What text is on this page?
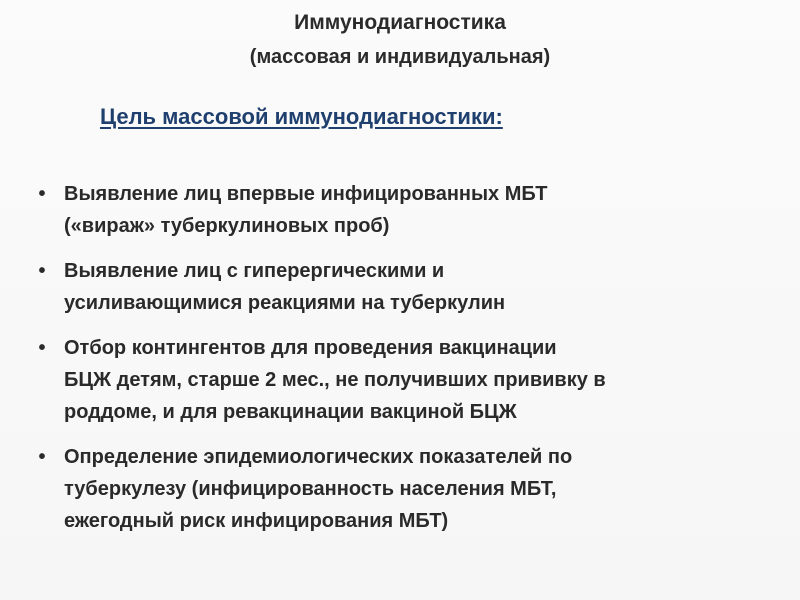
Иммунодиагностика
(массовая и индивидуальная)
Цель массовой иммунодиагностики:
• Выявление лиц впервые инфицированных МБТ
(«вираж» туберкулиновых проб)
• Выявление лиц с гиперергическими и
усиливающимися реакциями на туберкулин
• Отбор контингентов для проведения вакцинации
БЦЖ детям, старше 2 мес., не получивших прививку в
роддоме, и для ревакцинации вакциной БЦЖ
• Определение эпидемиологических показателей по
туберкулезу (инфицированность населения МБТ,
ежегодный риск инфицирования МБТ)
